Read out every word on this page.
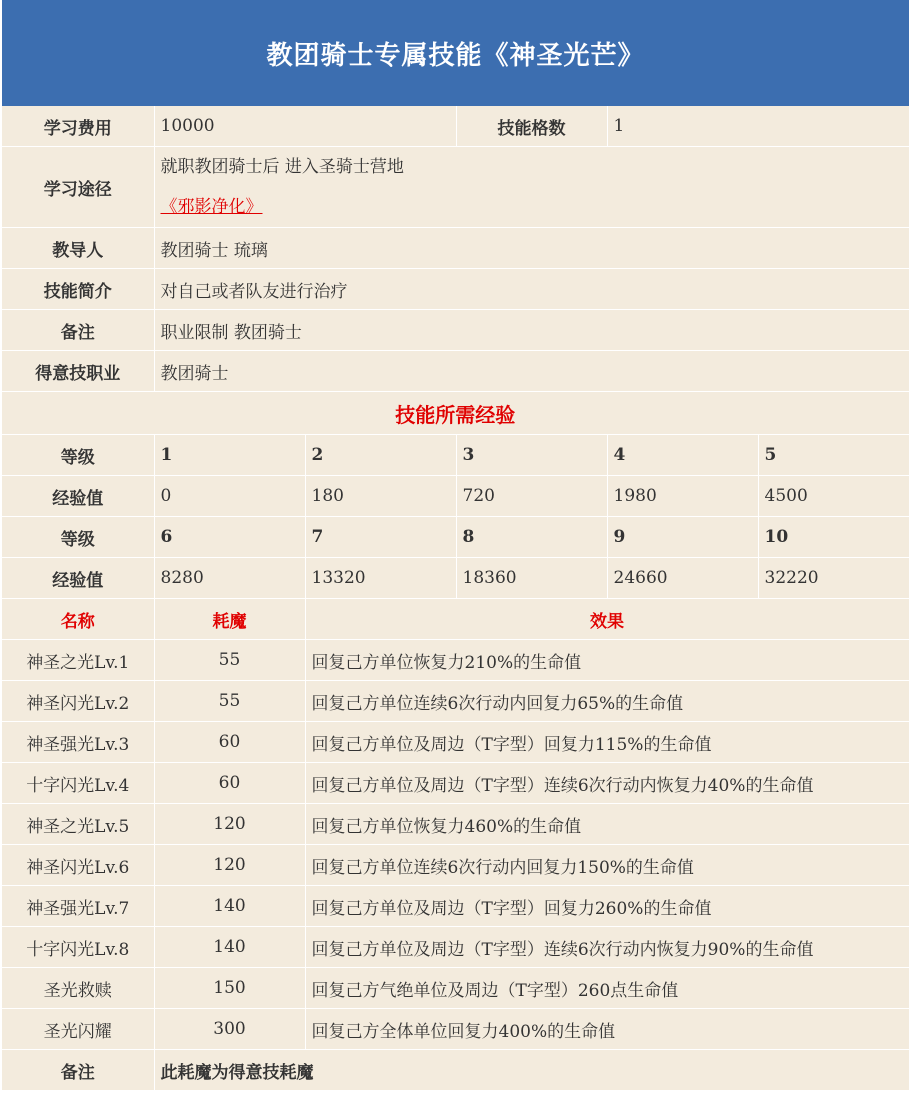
教团骑士专属技能《神圣光芒》
学习费用	10000		技能格数	1	
学习途径	就职教团骑士后 进入圣骑士营地
《邪影净化》				

教导人	教团骑士 琉璃				
技能简介	对自己或者队友进行治疗				
备注	职业限制 教团骑士				
得意技职业	教团骑士				
技能所需经验					
等级	1	2	3	4	5
经验值	0	180	720	1980	4500
等级	6	7	8	9	10
经验值	8280	13320	18360	24660	32220
名称	耗魔	效果			
神圣之光Lv.1	55	回复己方单位恢复力210%的生命值			
神圣闪光Lv.2	55	回复己方单位连续6次行动内回复力65%的生命值			
神圣强光Lv.3	60	回复己方单位及周边（T字型）回复力115%的生命值			
十字闪光Lv.4	60	回复己方单位及周边（T字型）连续6次行动内恢复力40%的生命值			
神圣之光Lv.5	120	回复己方单位恢复力460%的生命值			
神圣闪光Lv.6	120	回复己方单位连续6次行动内回复力150%的生命值			
神圣强光Lv.7	140	回复己方单位及周边（T字型）回复力260%的生命值			
十字闪光Lv.8	140	回复己方单位及周边（T字型）连续6次行动内恢复力90%的生命值			
圣光救赎	150	回复己方气绝单位及周边（T字型）260点生命值			
圣光闪耀	300	回复己方全体单位回复力400%的生命值			
备注	此耗魔为得意技耗魔				
